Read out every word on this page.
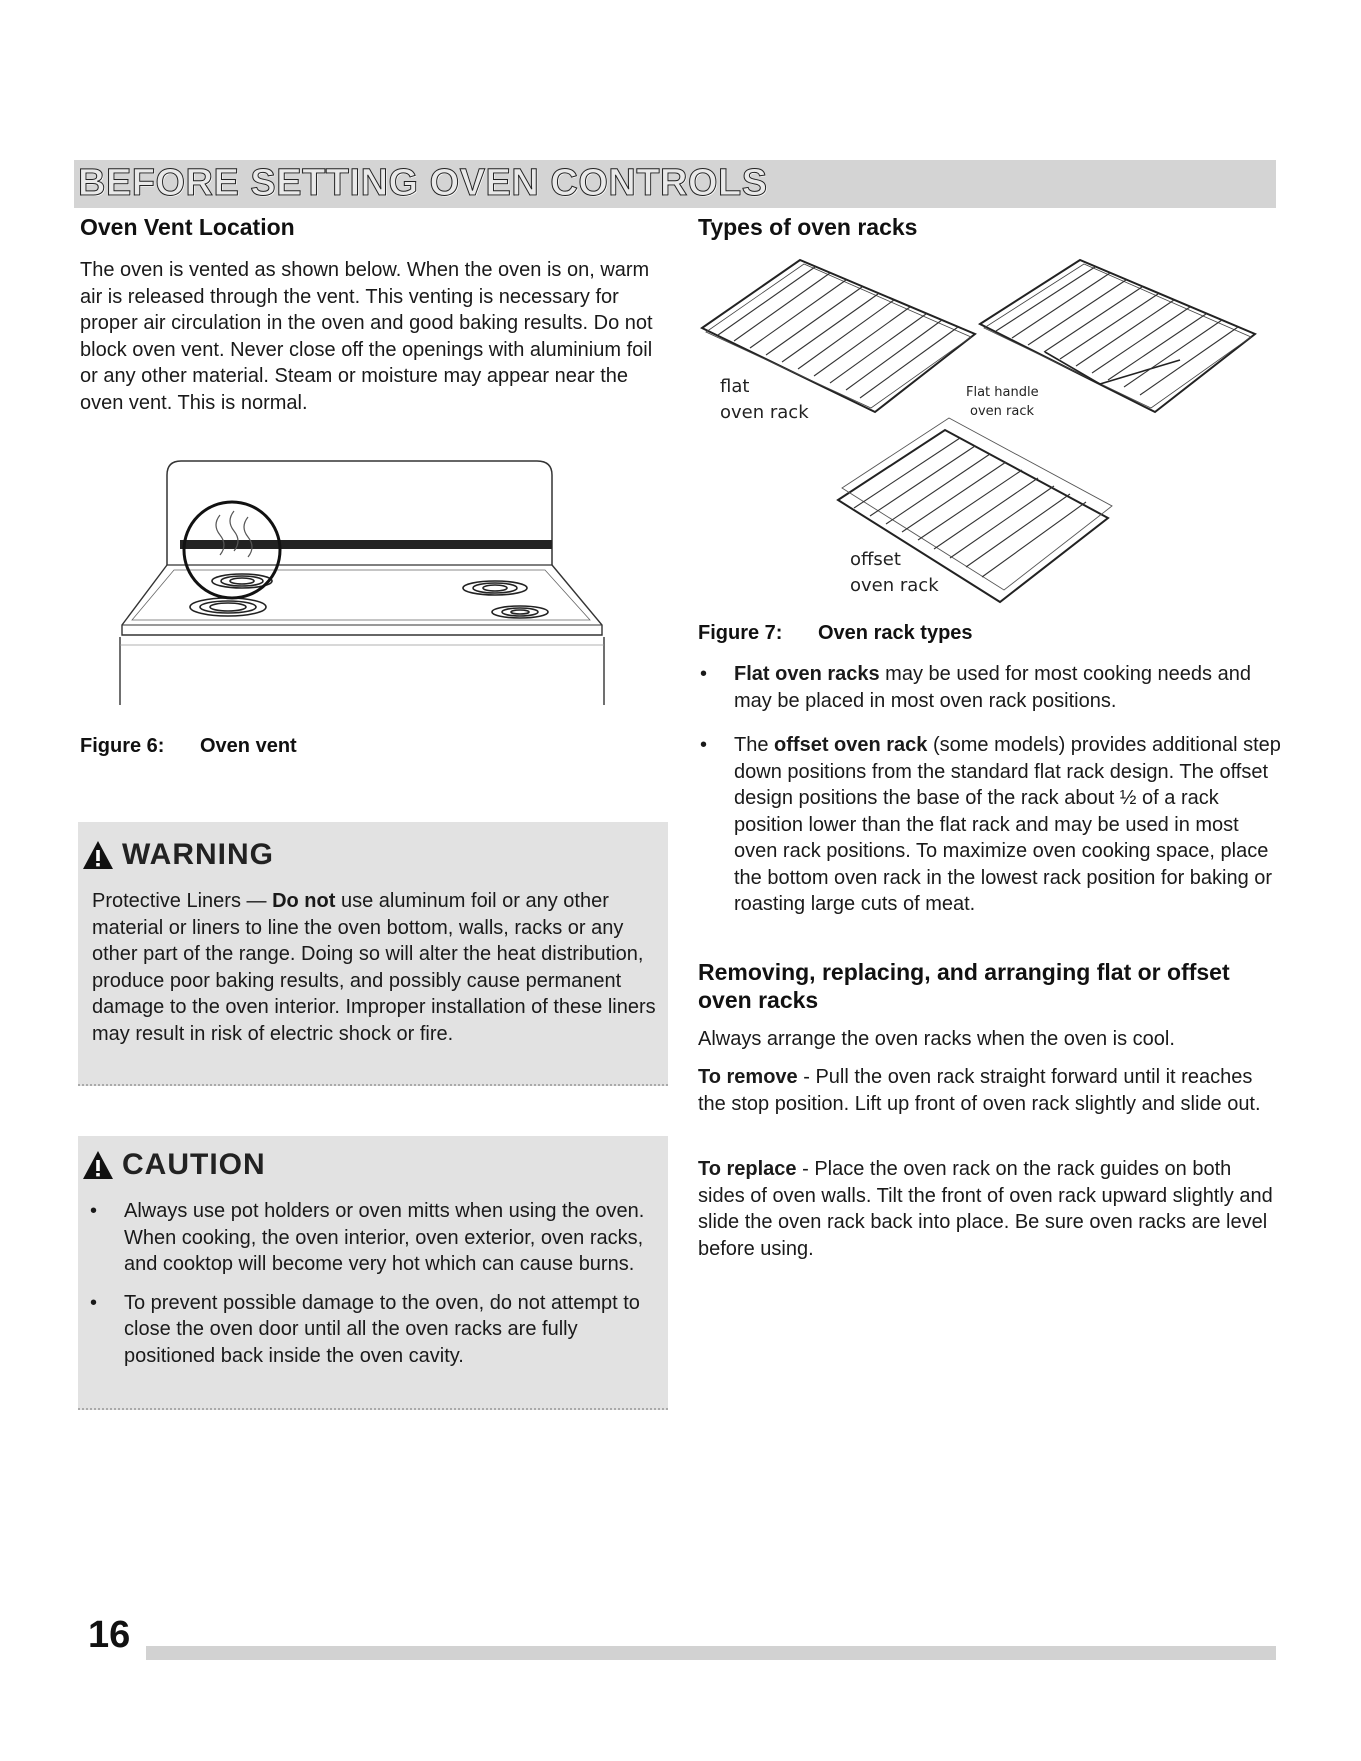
BEFORE SETTING OVEN CONTROLS
Oven Vent Location

The oven is vented as shown below. When the oven is on, warm air is released through the vent. This venting is necessary for proper air circulation in the oven and good baking results. Do not block oven vent. Never close off the openings with aluminium foil or any other material. Steam or moisture may appear near the oven vent. This is normal.

Figure 6: Oven vent
WARNING

Protective Liners — Do not use aluminum foil or any other material or liners to line the oven bottom, walls, racks or any other part of the range. Doing so will alter the heat distribution, produce poor baking results, and possibly cause permanent damage to the oven interior. Improper installation of these liners may result in risk of electric shock or fire.

CAUTION
• Always use pot holders or oven mitts when using the oven. When cooking, the oven interior, oven exterior, oven racks, and cooktop will become very hot which can cause burns.
• To prevent possible damage to the oven, do not attempt to close the oven door until all the oven racks are fully positioned back inside the oven cavity.
Types of oven racks
flat
oven rack
Flat handle
oven rack
offset
oven rack
Figure 7: Oven rack types
• Flat oven racks may be used for most cooking needs and may be placed in most oven rack positions.
• The offset oven rack (some models) provides additional step down positions from the standard flat rack design. The offset design positions the base of the rack about ½ of a rack position lower than the flat rack and may be used in most oven rack positions. To maximize oven cooking space, place the bottom oven rack in the lowest rack position for baking or roasting large cuts of meat.
Removing, replacing, and arranging flat or offset oven racks

Always arrange the oven racks when the oven is cool.

To remove - Pull the oven rack straight forward until it reaches the stop position. Lift up front of oven rack slightly and slide out.

To replace - Place the oven rack on the rack guides on both sides of oven walls. Tilt the front of oven rack upward slightly and slide the oven rack back into place. Be sure oven racks are level before using.

16
